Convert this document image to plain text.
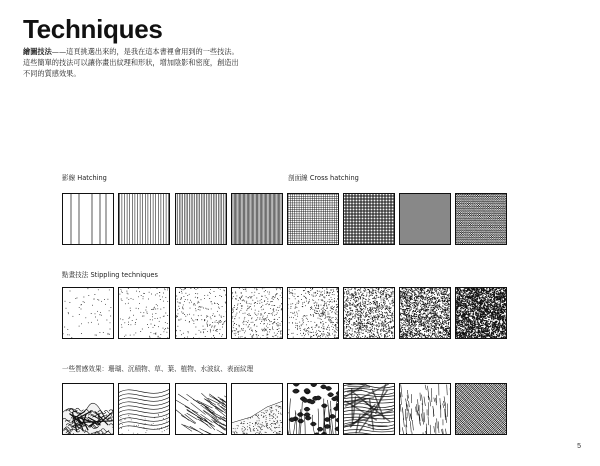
Techniques
繪圖技法——這頁挑選出來的，是我在這本書裡會用到的一些技法。
這些簡單的技法可以讓你畫出紋理和形狀，增加陰影和密度，創造出
不同的質感效果。
影線 Hatching	剖面線 Cross hatching
點畫技法 Stippling techniques
一些質感效果：珊瑚、沉積物、草、葉、植物、水波紋、表面紋理
5
